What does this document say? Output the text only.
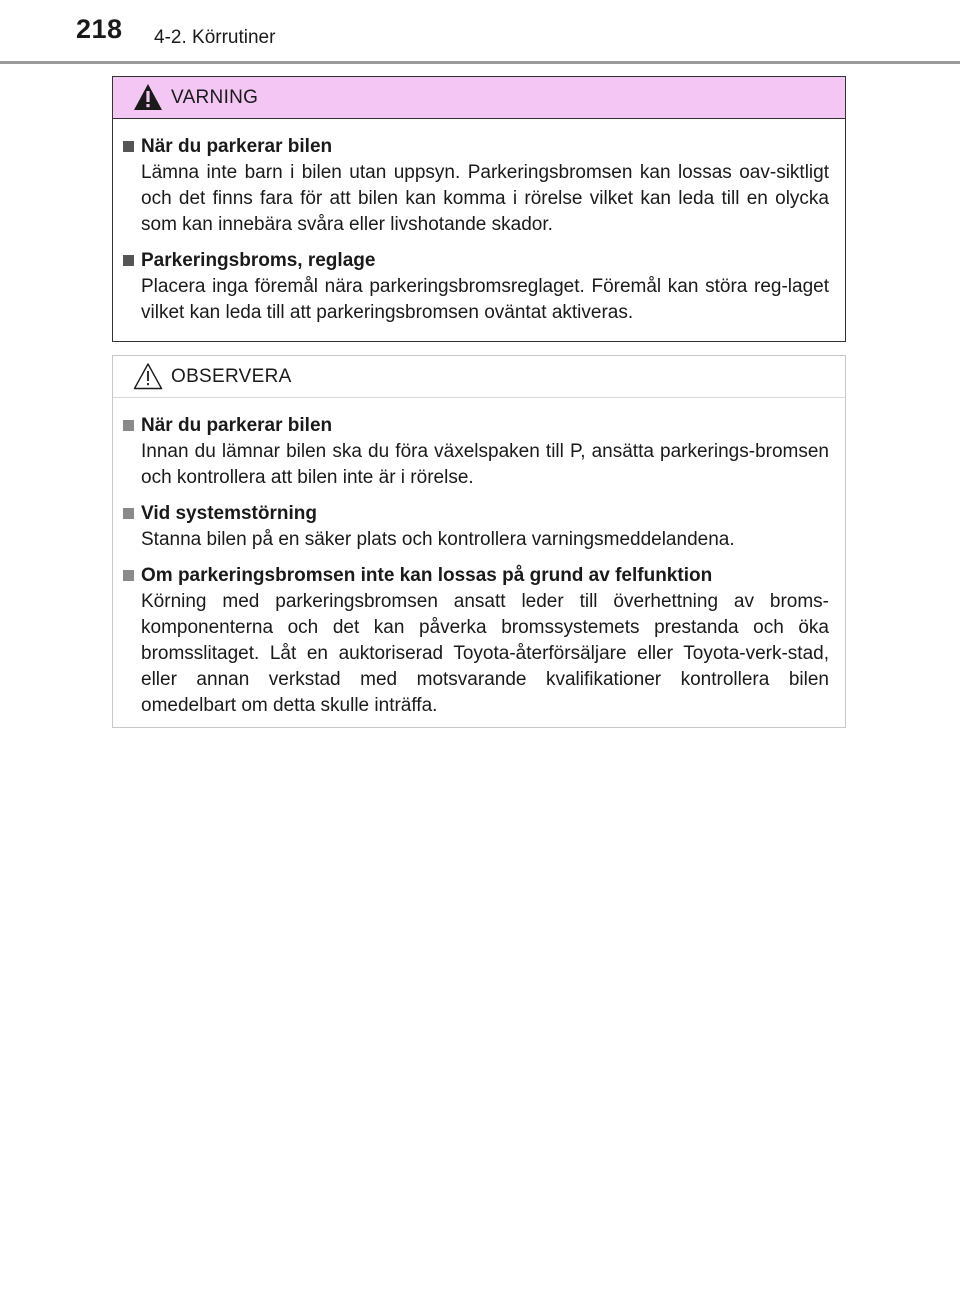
218 4-2. Körrutiner
VARNING
När du parkerar bilen
Lämna inte barn i bilen utan uppsyn. Parkeringsbromsen kan lossas oav-siktligt och det finns fara för att bilen kan komma i rörelse vilket kan leda till en olycka som kan innebära svåra eller livshotande skador.
Parkeringsbroms, reglage
Placera inga föremål nära parkeringsbromsreglaget. Föremål kan störa reg-laget vilket kan leda till att parkeringsbromsen oväntat aktiveras.
OBSERVERA
När du parkerar bilen
Innan du lämnar bilen ska du föra växelspaken till P, ansätta parkerings-bromsen och kontrollera att bilen inte är i rörelse.
Vid systemstörning
Stanna bilen på en säker plats och kontrollera varningsmeddelandena.
Om parkeringsbromsen inte kan lossas på grund av felfunktion
Körning med parkeringsbromsen ansatt leder till överhettning av broms-komponenterna och det kan påverka bromssystemets prestanda och öka bromsslitaget. Låt en auktoriserad Toyota-återförsäljare eller Toyota-verk-stad, eller annan verkstad med motsvarande kvalifikationer kontrollera bilen omedelbart om detta skulle inträffa.
